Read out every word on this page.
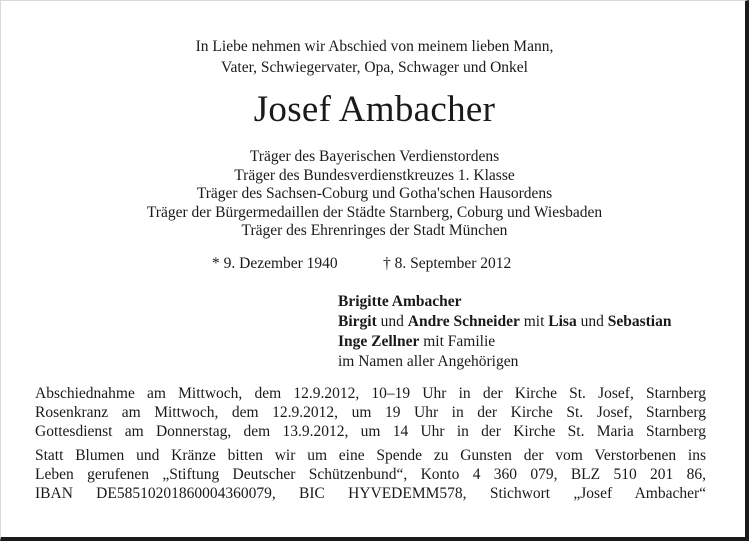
In Liebe nehmen wir Abschied von meinem lieben Mann,
Vater, Schwiegervater, Opa, Schwager und Onkel
Josef Ambacher
Träger des Bayerischen Verdienstordens
Träger des Bundesverdienstkreuzes 1. Klasse
Träger des Sachsen-Coburg und Gotha'schen Hausordens
Träger der Bürgermedaillen der Städte Starnberg, Coburg und Wiesbaden
Träger des Ehrenringes der Stadt München
* 9. Dezember 1940	† 8. September 2012
Brigitte Ambacher
Birgit und Andre Schneider mit Lisa und Sebastian
Inge Zellner mit Familie
im Namen aller Angehörigen
Abschiednahme am Mittwoch, dem 12.9.2012, 10–19 Uhr in der Kirche St. Josef, Starnberg
Rosenkranz am Mittwoch, dem 12.9.2012, um 19 Uhr in der Kirche St. Josef, Starnberg
Gottesdienst am Donnerstag, dem 13.9.2012, um 14 Uhr in der Kirche St. Maria Starnberg
Statt Blumen und Kränze bitten wir um eine Spende zu Gunsten der vom Verstorbenen ins
Leben gerufenen „Stiftung Deutscher Schützenbund“, Konto 4 360 079, BLZ 510 201 86,
IBAN DE58510201860004360079, BIC HYVEDEMM578, Stichwort „Josef Ambacher“
